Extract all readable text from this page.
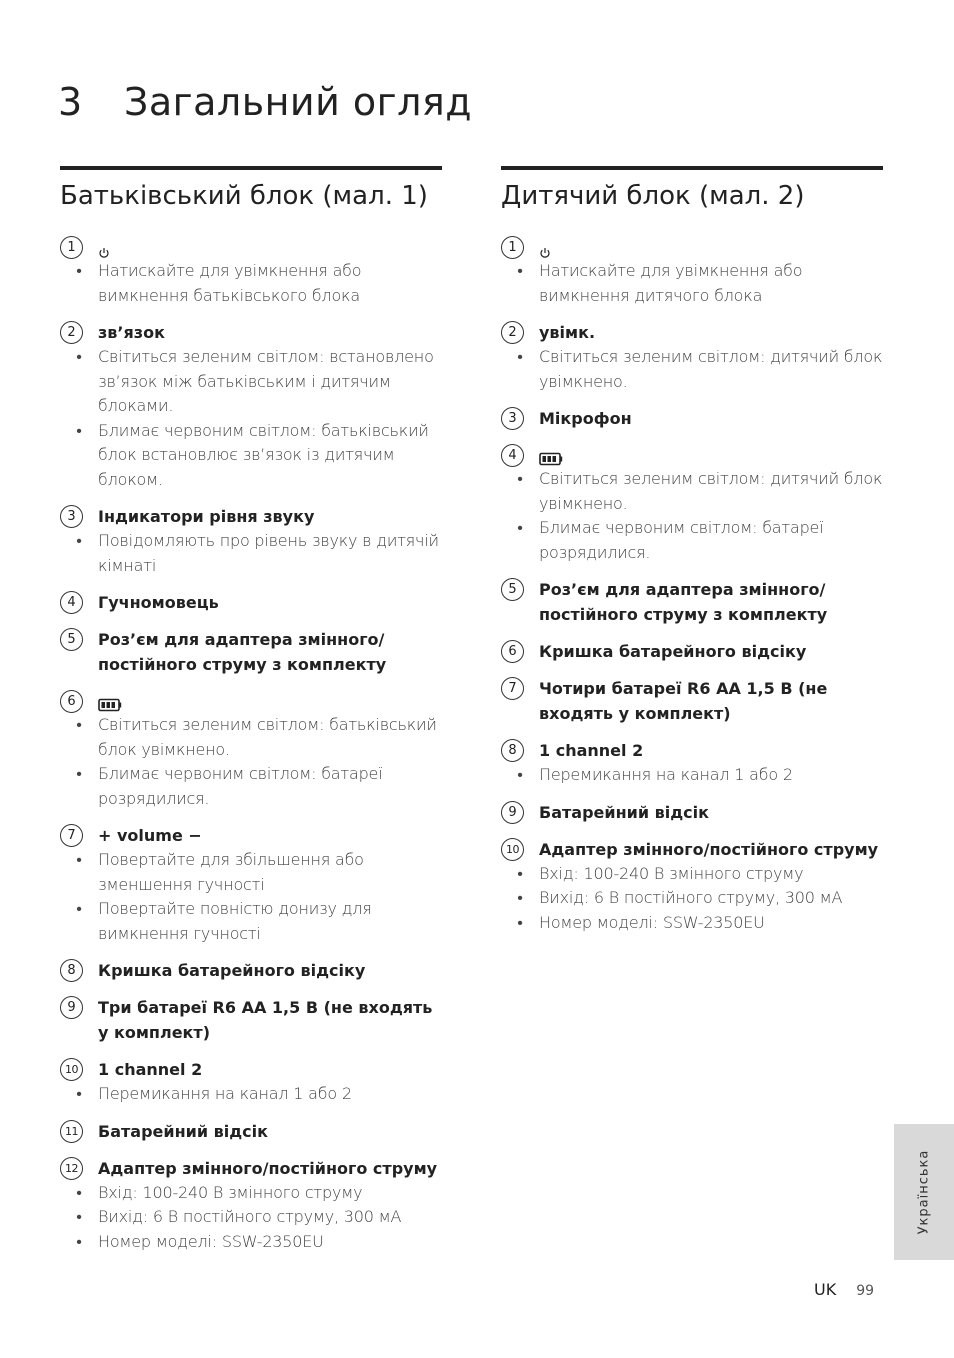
3	Загальний огляд
Батьківський блок (мал. 1)
1
•
Натискайте для увімкнення або вимкнення батьківського блока
2	зв’язок
•
Світиться зеленим світлом: встановлено зв’язок між батьківським і дитячим блоками.
•
Блимає червоним світлом: батьківський блок встановлює зв’язок із дитячим блоком.
3	Індикатори рівня звуку
•
Повідомляють про рівень звуку в дитячій кімнаті
4	Гучномовець
5	Роз’єм для адаптера змінного/ постійного струму з комплекту
6
•
Світиться зеленим світлом: батьківський блок увімкнено.
•
Блимає червоним світлом: батареї розрядилися.
7	+ volume −
•
Повертайте для збільшення або зменшення гучності
•
Повертайте повністю донизу для вимкнення гучності
8	Кришка батарейного відсіку
9	Три батареї R6 AA 1,5 В (не входять у комплект)
10	1 channel 2
•
Перемикання на канал 1 або 2
11	Батарейний відсік
12	Адаптер змінного/постійного струму
•
Вхід: 100-240 В змінного струму
•
Вихід: 6 В постійного струму, 300 мА
•
Номер моделі: SSW-2350EU
Дитячий блок (мал. 2)
1
•
Натискайте для увімкнення або вимкнення дитячого блока
2	увімк.
•
Світиться зеленим світлом: дитячий блок увімкнено.
3	Мікрофон
4
•
Світиться зеленим світлом: дитячий блок увімкнено.
•
Блимає червоним світлом: батареї розрядилися.
5	Роз’єм для адаптера змінного/ постійного струму з комплекту
6	Кришка батарейного відсіку
7	Чотири батареї R6 AA 1,5 В (не входять у комплект)
8	1 channel 2
•
Перемикання на канал 1 або 2
9	Батарейний відсік
10	Адаптер змінного/постійного струму
•
Вхід: 100-240 В змінного струму
•
Вихід: 6 В постійного струму, 300 мА
•
Номер моделі: SSW-2350EU
Українська
UK 99
